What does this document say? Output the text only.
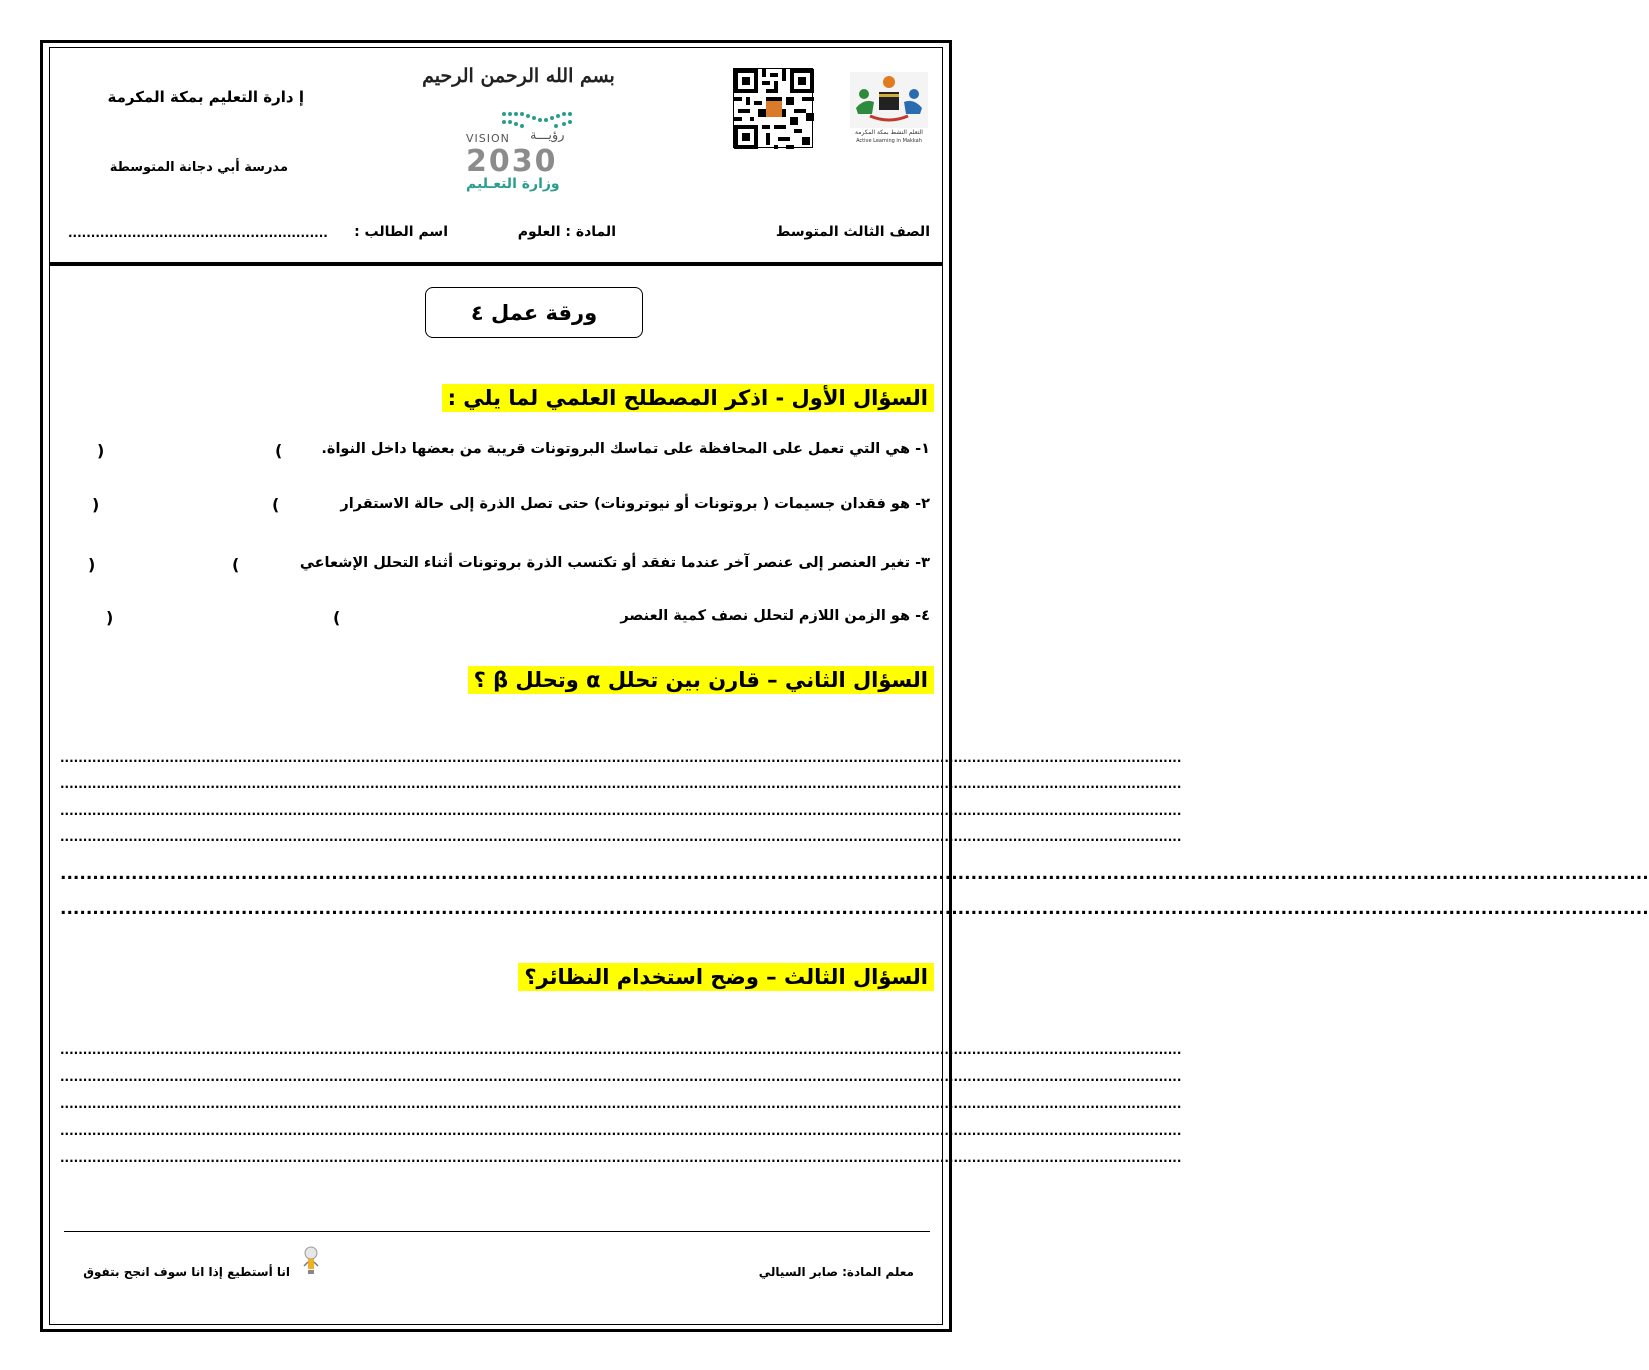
إ دارة التعليم بمكة المكرمة
مدرسة أبي دجانة المتوسطة
بسم الله الرحمن الرحيم
VISION رؤيـــة
2030
وزارة التعـليم
التعلم النشط بمكة المكرمة
Active Learning in Makkah
الصف الثالث المتوسط
المادة : العلوم
اسم الطالب :
.........................................................
ورقة عمل ٤
السؤال الأول - اذكر المصطلح العلمي لما يلي :
١- هي التي تعمل على المحافظة على تماسك البروتونات قريبة من بعضها داخل النواة.
(
)
٢- هو فقدان جسيمات ( بروتونات أو نيوترونات) حتى تصل الذرة إلى حالة الاستقرار
(
)
٣- تغير العنصر إلى عنصر آخر عندما تفقد أو تكتسب الذرة بروتونات أثناء التحلل الإشعاعي
(
)
٤- هو الزمن اللازم لتحلل نصف كمية العنصر
(
)
السؤال الثاني – قارن بين تحلل α وتحلل β ؟
......................................................................................................................................................................................................................................................
......................................................................................................................................................................................................................................................
......................................................................................................................................................................................................................................................
......................................................................................................................................................................................................................................................
......................................................................................................................................................................................................................................................
......................................................................................................................................................................................................................................................
السؤال الثالث – وضح استخدام النظائر؟
......................................................................................................................................................................................................................................................
......................................................................................................................................................................................................................................................
......................................................................................................................................................................................................................................................
......................................................................................................................................................................................................................................................
......................................................................................................................................................................................................................................................
انا أستطيع إذا انا سوف انجح بتفوق	معلم المادة: صابر السيالي
